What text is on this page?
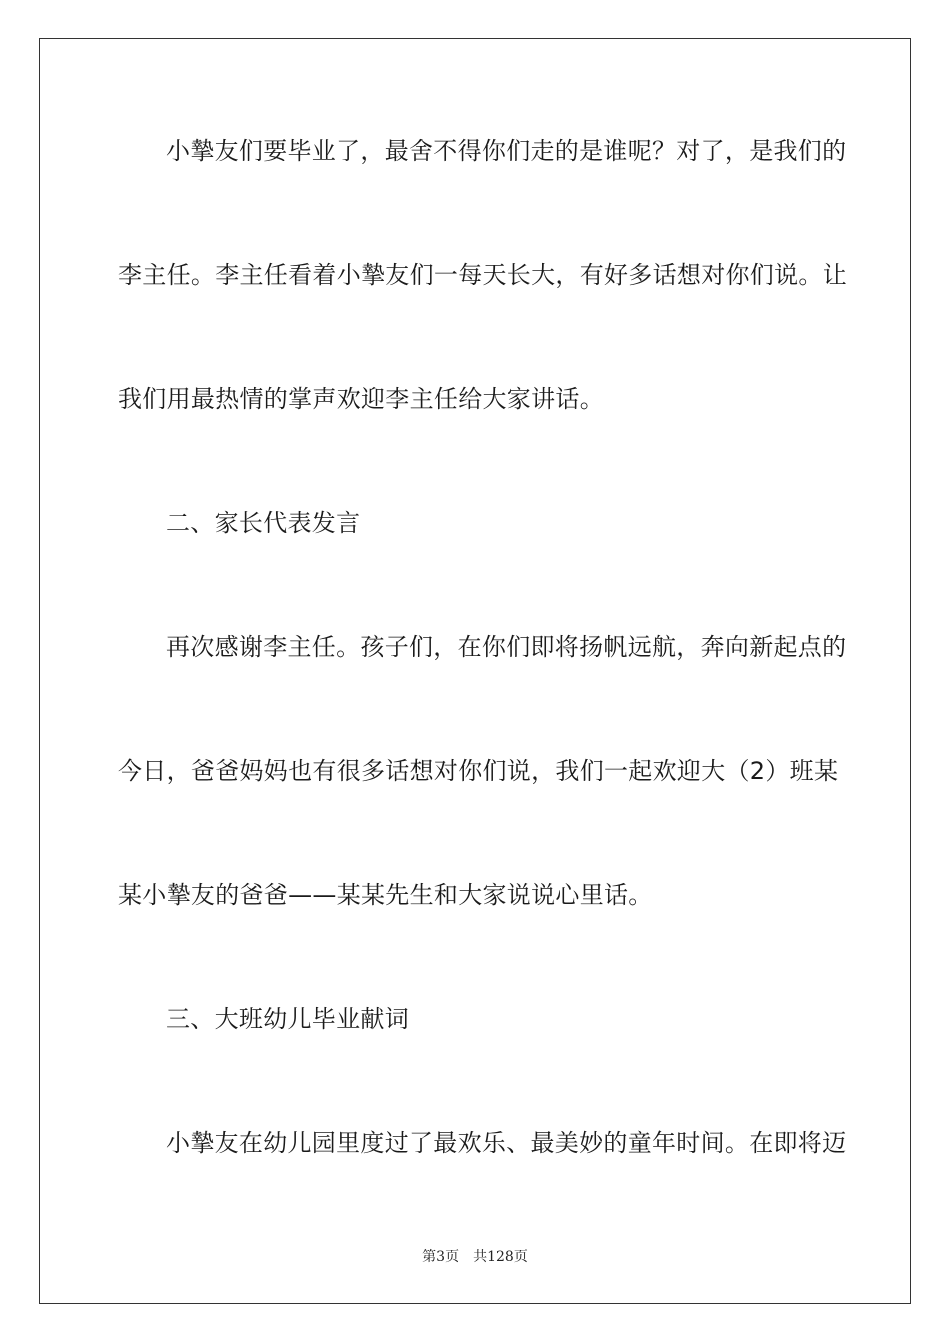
小摯友们要毕业了，最舍不得你们走的是谁呢？对了，是我们的
李主任。李主任看着小摯友们一每天长大，有好多话想对你们说。让
我们用最热情的掌声欢迎李主任给大家讲话。
二、家长代表发言
再次感谢李主任。孩子们，在你们即将扬帆远航，奔向新起点的
今日，爸爸妈妈也有很多话想对你们说，我们一起欢迎大（2）班某
某小摯友的爸爸——某某先生和大家说说心里话。
三、大班幼儿毕业献词
小摯友在幼儿园里度过了最欢乐、最美妙的童年时间。在即将迈
第3页 共128页
